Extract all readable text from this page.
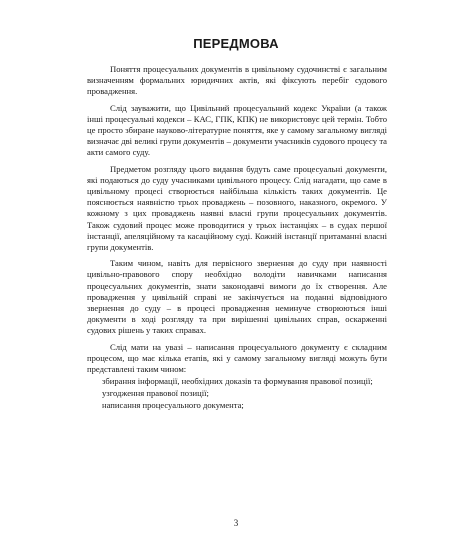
ПЕРЕДМОВА

Поняття процесуальних документів в цивільному судочинстві є загальним визначенням формальних юридичних актів, які фіксують перебіг судового провадження.

Слід зауважити, що Цивільний процесуальний кодекс України (а також інші процесуальні кодекси – КАС, ГПК, КПК) не використовує цей термін. Тобто це просто збиранe науково-літературне поняття, яке у самому загальному вигляді визначає дві великі групи документів – документи учасників судового процесу та акти самого суду.

Предметом розгляду цього видання будуть саме процесуальні документи, які подаються до суду учасниками цивільного процесу. Слід нагадати, що саме в цивільному процесі створюється найбільша кількість таких документів. Це пояснюється наявністю трьох проваджень – позовного, наказного, окремого. У кожному з цих проваджень наявні власні групи процесуальних документів. Також судовий процес може проводитися у трьох інстанціях – в судах першої інстанції, апеляційному та касаційному суді. Кожній інстанції притаманні власні групи документів.

Таким чином, навіть для первісного звернення до суду при наявності цивільно-правового спору необхідно володіти навичками написання процесуальних документів, знати законодавчі вимоги до їх створення. Але провадження у цивільній справі не закінчується на поданні відповідного звернення до суду – в процесі провадження неминуче створюються інші документи в ході розгляду та при вирішенні цивільних справ, оскарженні судових рішень у таких справах.

Слід мати на увазі – написання процесуального документу є складним процесом, що має кілька етапів, які у самому загальному вигляді можуть бути представлені таким чином:

збирання інформації, необхідних доказів та формування правової позиції;

узгодження правової позиції;

написання процесуального документа;

3
